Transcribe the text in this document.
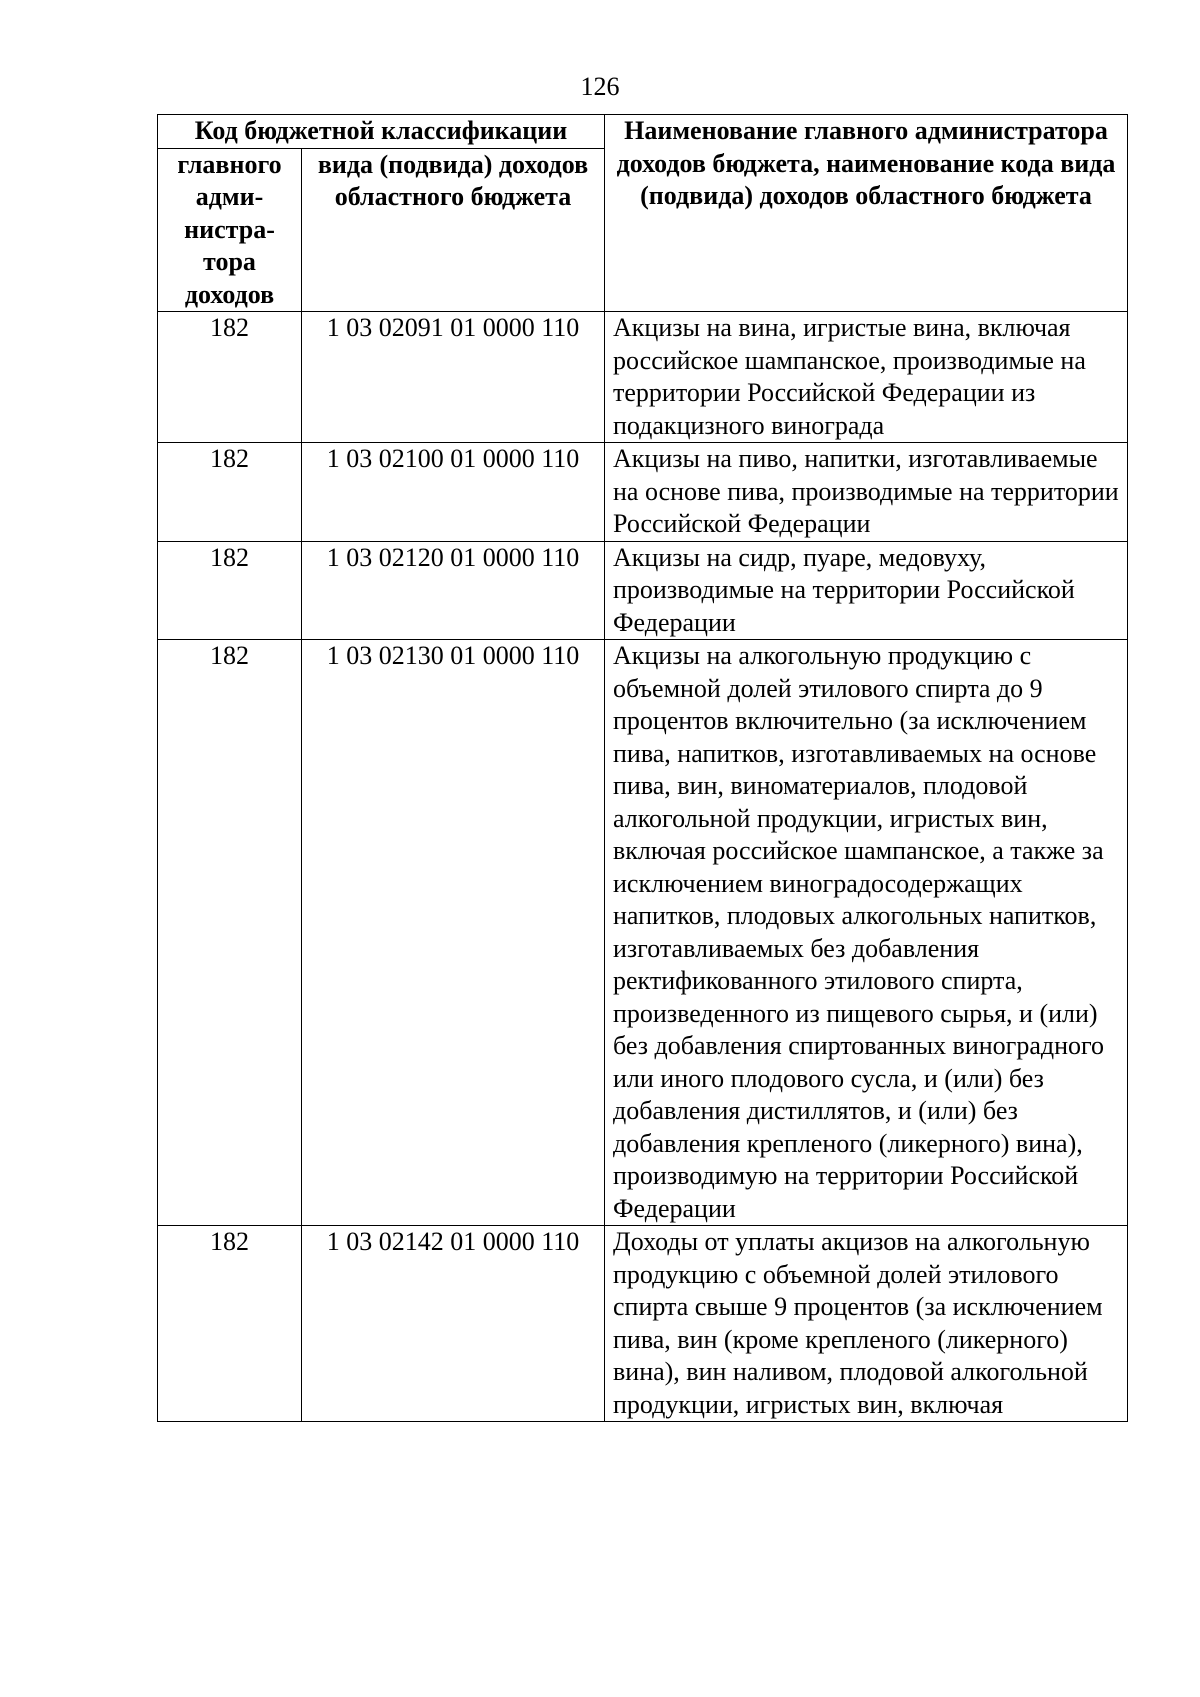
126
Код бюджетной классификации		Наименование главного администратора доходов бюджета, наименование кода вида (подвида) доходов областного бюджета
главного адми-нистра-тора доходов	вида (подвида) доходов областного бюджета	
182	1 03 02091 01 0000 110	Акцизы на вина, игристые вина, включая российское шампанское, производимые на территории Российской Федерации из подакцизного винограда
182	1 03 02100 01 0000 110	Акцизы на пиво, напитки, изготавливаемые на основе пива, производимые на территории Российской Федерации
182	1 03 02120 01 0000 110	Акцизы на сидр, пуаре, медовуху, производимые на территории Российской Федерации
182	1 03 02130 01 0000 110	Акцизы на алкогольную продукцию с объемной долей этилового спирта до 9 процентов включительно (за исключением пива, напитков, изготавливаемых на основе пива, вин, виноматериалов, плодовой алкогольной продукции, игристых вин, включая российское шампанское, а также за исключением виноградосодержащих напитков, плодовых алкогольных напитков, изготавливаемых без добавления ректификованного этилового спирта, произведенного из пищевого сырья, и (или) без добавления спиртованных виноградного или иного плодового сусла, и (или) без добавления дистиллятов, и (или) без добавления крепленого (ликерного) вина), производимую на территории Российской Федерации
182	1 03 02142 01 0000 110	Доходы от уплаты акцизов на алкогольную продукцию с объемной долей этилового спирта свыше 9 процентов (за исключением пива, вин (кроме крепленого (ликерного) вина), вин наливом, плодовой алкогольной продукции, игристых вин, включая
